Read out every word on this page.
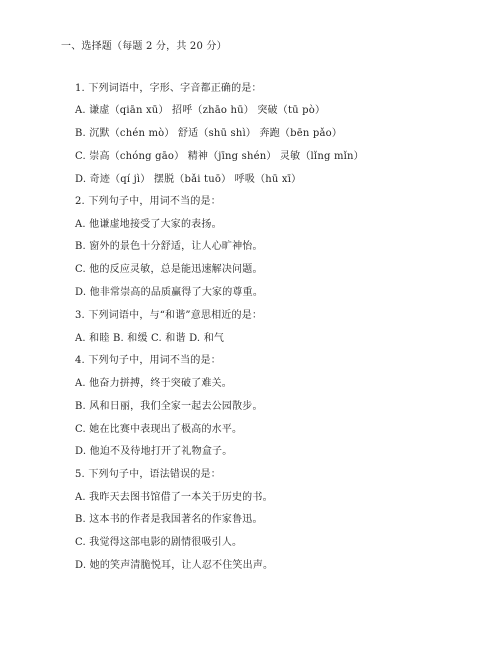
一、选择题（每题 2 分，共 20 分）
1. 下列词语中，字形、字音都正确的是：
A. 谦虚（qiān xū） 招呼（zhāo hū） 突破（tū pò）
B. 沉默（chén mò） 舒适（shū shì） 奔跑（bēn pǎo）
C. 崇高（chóng gāo） 精神（jīng shén） 灵敏（lǐng mǐn）
D. 奇迹（qí jì） 摆脱（bǎi tuō） 呼吸（hū xī）
2. 下列句子中，用词不当的是：
A. 他谦虚地接受了大家的表扬。
B. 窗外的景色十分舒适，让人心旷神怡。
C. 他的反应灵敏，总是能迅速解决问题。
D. 他非常崇高的品质赢得了大家的尊重。
3. 下列词语中，与“和谐”意思相近的是：
A. 和睦 B. 和缓 C. 和谐 D. 和气
4. 下列句子中，用词不当的是：
A. 他奋力拼搏，终于突破了难关。
B. 风和日丽，我们全家一起去公园散步。
C. 她在比赛中表现出了极高的水平。
D. 他迫不及待地打开了礼物盒子。
5. 下列句子中，语法错误的是：
A. 我昨天去图书馆借了一本关于历史的书。
B. 这本书的作者是我国著名的作家鲁迅。
C. 我觉得这部电影的剧情很吸引人。
D. 她的笑声清脆悦耳，让人忍不住笑出声。
